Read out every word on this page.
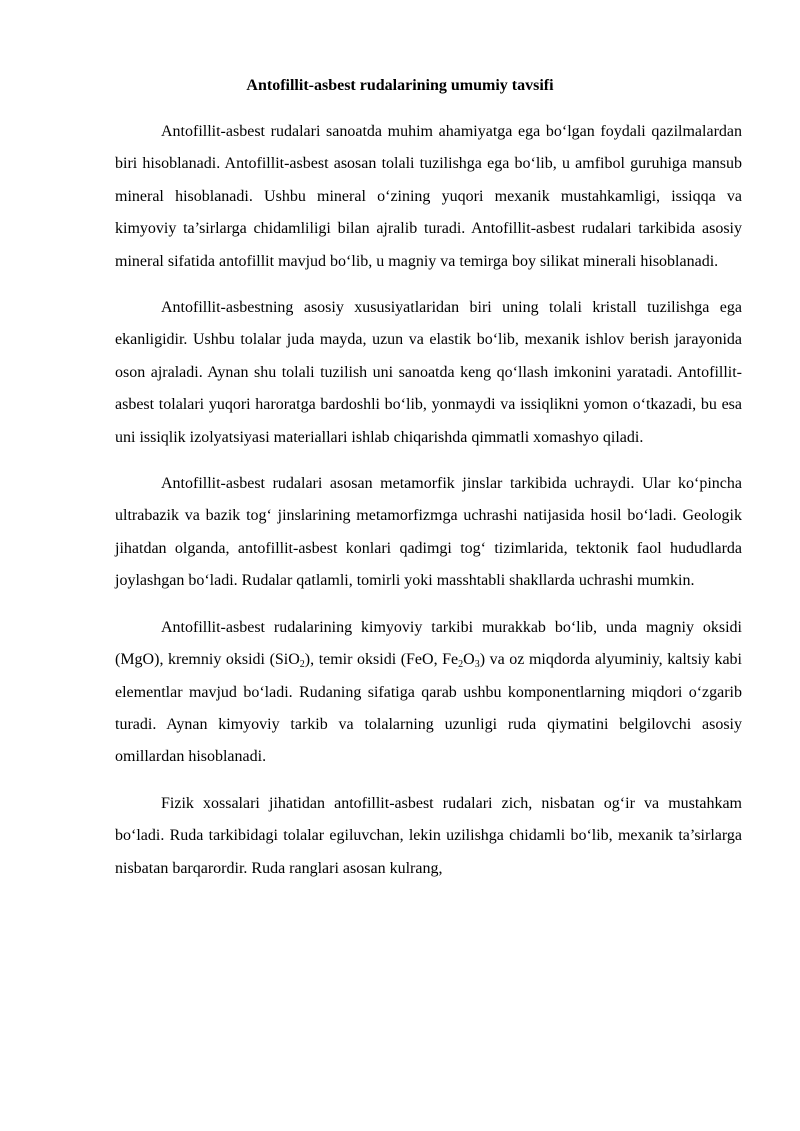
Antofillit-asbest rudalarining umumiy tavsifi

Antofillit-asbest rudalari sanoatda muhim ahamiyatga ega bo‘lgan foydali qazilmalardan biri hisoblanadi. Antofillit-asbest asosan tolali tuzilishga ega bo‘lib, u amfibol guruhiga mansub mineral hisoblanadi. Ushbu mineral o‘zining yuqori mexanik mustahkamligi, issiqqa va kimyoviy ta’sirlarga chidamliligi bilan ajralib turadi. Antofillit-asbest rudalari tarkibida asosiy mineral sifatida antofillit mavjud bo‘lib, u magniy va temirga boy silikat minerali hisoblanadi.

Antofillit-asbestning asosiy xususiyatlaridan biri uning tolali kristall tuzilishga ega ekanligidir. Ushbu tolalar juda mayda, uzun va elastik bo‘lib, mexanik ishlov berish jarayonida oson ajraladi. Aynan shu tolali tuzilish uni sanoatda keng qo‘llash imkonini yaratadi. Antofillit-asbest tolalari yuqori haroratga bardoshli bo‘lib, yonmaydi va issiqlikni yomon o‘tkazadi, bu esa uni issiqlik izolyatsiyasi materiallari ishlab chiqarishda qimmatli xomashyo qiladi.

Antofillit-asbest rudalari asosan metamorfik jinslar tarkibida uchraydi. Ular ko‘pincha ultrabazik va bazik tog‘ jinslarining metamorfizmga uchrashi natijasida hosil bo‘ladi. Geologik jihatdan olganda, antofillit-asbest konlari qadimgi tog‘ tizimlarida, tektonik faol hududlarda joylashgan bo‘ladi. Rudalar qatlamli, tomirli yoki masshtabli shakllarda uchrashi mumkin.

Antofillit-asbest rudalarining kimyoviy tarkibi murakkab bo‘lib, unda magniy oksidi (MgO), kremniy oksidi (SiO$_2$), temir oksidi (FeO, $Fe_2O_3$) va oz miqdorda alyuminiy, kaltsiy kabi elementlar mavjud bo‘ladi. Rudaning sifatiga qarab ushbu komponentlarning miqdori o‘zgarib turadi. Aynan kimyoviy tarkib va tolalarning uzunligi ruda qiymatini belgilovchi asosiy omillardan hisoblanadi.

Fizik xossalari jihatidan antofillit-asbest rudalari zich, nisbatan og‘ir va mustahkam bo‘ladi. Ruda tarkibidagi tolalar egiluvchan, lekin uzilishga chidamli bo‘lib, mexanik ta’sirlarga nisbatan barqarordir. Ruda ranglari asosan kulrang,
